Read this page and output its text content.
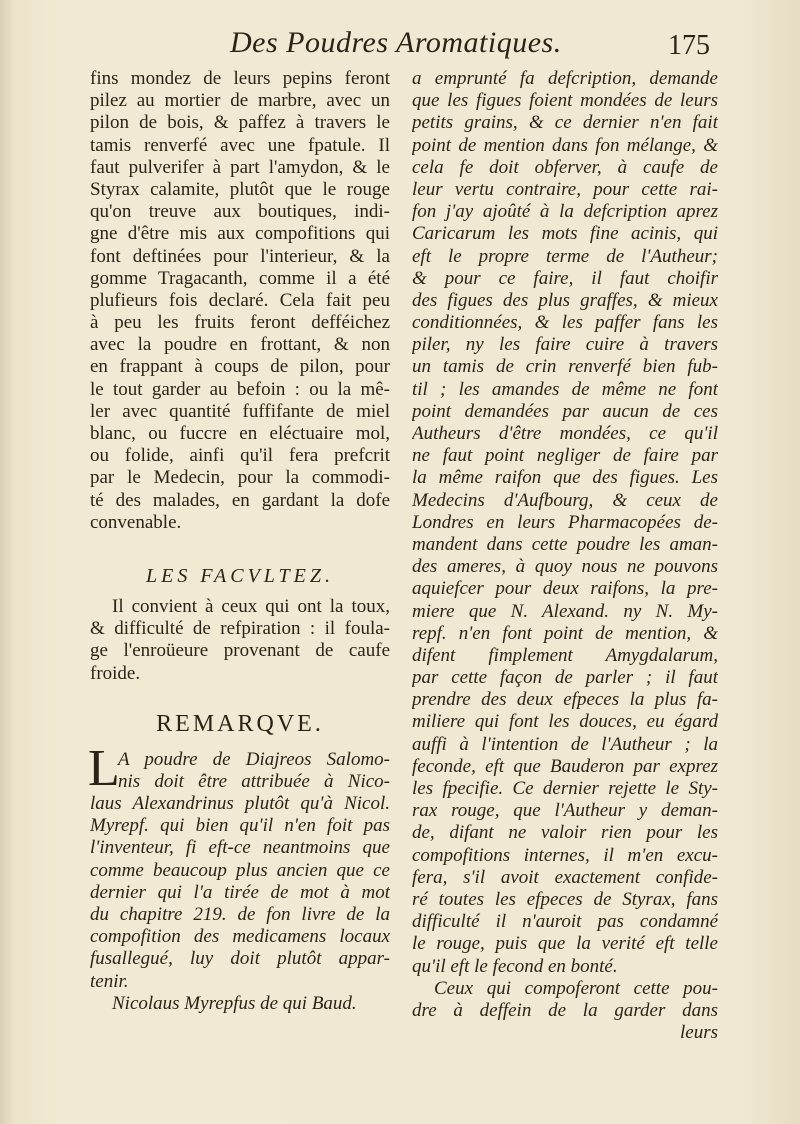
Des Poudres Aromatiques.	175
fins mondez de leurs pepins feront
pilez au mortier de marbre, avec un
pilon de bois, & paffez à travers le
tamis renverfé avec une fpatule. Il
faut pulverifer à part l'amydon, & le
Styrax calamite, plutôt que le rouge
qu'on treuve aux boutiques, indi-
gne d'être mis aux compofitions qui
font deftinées pour l'interieur, & la
gomme Tragacanth, comme il a été
plufieurs fois declaré. Cela fait peu
à peu les fruits feront defféichez
avec la poudre en frottant, & non
en frappant à coups de pilon, pour
le tout garder au befoin : ou la mê-
ler avec quantité fuffifante de miel
blanc, ou fuccre en eléctuaire mol,
ou folide, ainfi qu'il fera prefcrit
par le Medecin, pour la commodi-
té des malades, en gardant la dofe
convenable.
LES FACVLTEZ.
Il convient à ceux qui ont la toux,
& difficulté de refpiration : il foula-
ge l'enroüeure provenant de caufe
froide.
REMARQVE.
L
A poudre de Diajreos Salomo-
nis doit être attribuée à Nico-
laus Alexandrinus plutôt qu'à Nicol.
Myrepf. qui bien qu'il n'en foit pas
l'inventeur, fi eft-ce neantmoins que
comme beaucoup plus ancien que ce
dernier qui l'a tirée de mot à mot
du chapitre 219. de fon livre de la
compofition des medicamens locaux
fusallegué, luy doit plutôt appar-
tenir.
Nicolaus Myrepfus de qui Baud.
a emprunté fa defcription, demande
que les figues foient mondées de leurs
petits grains, & ce dernier n'en fait
point de mention dans fon mélange, &
cela fe doit obferver, à caufe de
leur vertu contraire, pour cette rai-
fon j'ay ajoûté à la defcription aprez
Caricarum les mots fine acinis, qui
eft le propre terme de l'Autheur;
& pour ce faire, il faut choifir
des figues des plus graffes, & mieux
conditionnées, & les paffer fans les
piler, ny les faire cuire à travers
un tamis de crin renverfé bien fub-
til ; les amandes de même ne font
point demandées par aucun de ces
Autheurs d'être mondées, ce qu'il
ne faut point negliger de faire par
la même raifon que des figues. Les
Medecins d'Aufbourg, & ceux de
Londres en leurs Pharmacopées de-
mandent dans cette poudre les aman-
des ameres, à quoy nous ne pouvons
aquiefcer pour deux raifons, la pre-
miere que N. Alexand. ny N. My-
repf. n'en font point de mention, &
difent fimplement Amygdalarum,
par cette façon de parler ; il faut
prendre des deux efpeces la plus fa-
miliere qui font les douces, eu égard
auffi à l'intention de l'Autheur ; la
feconde, eft que Bauderon par exprez
les fpecifie. Ce dernier rejette le Sty-
rax rouge, que l'Autheur y deman-
de, difant ne valoir rien pour les
compofitions internes, il m'en excu-
fera, s'il avoit exactement confide-
ré toutes les efpeces de Styrax, fans
difficulté il n'auroit pas condamné
le rouge, puis que la verité eft telle
qu'il eft le fecond en bonté.
Ceux qui compoferont cette pou-
dre à deffein de la garder dans
leurs
